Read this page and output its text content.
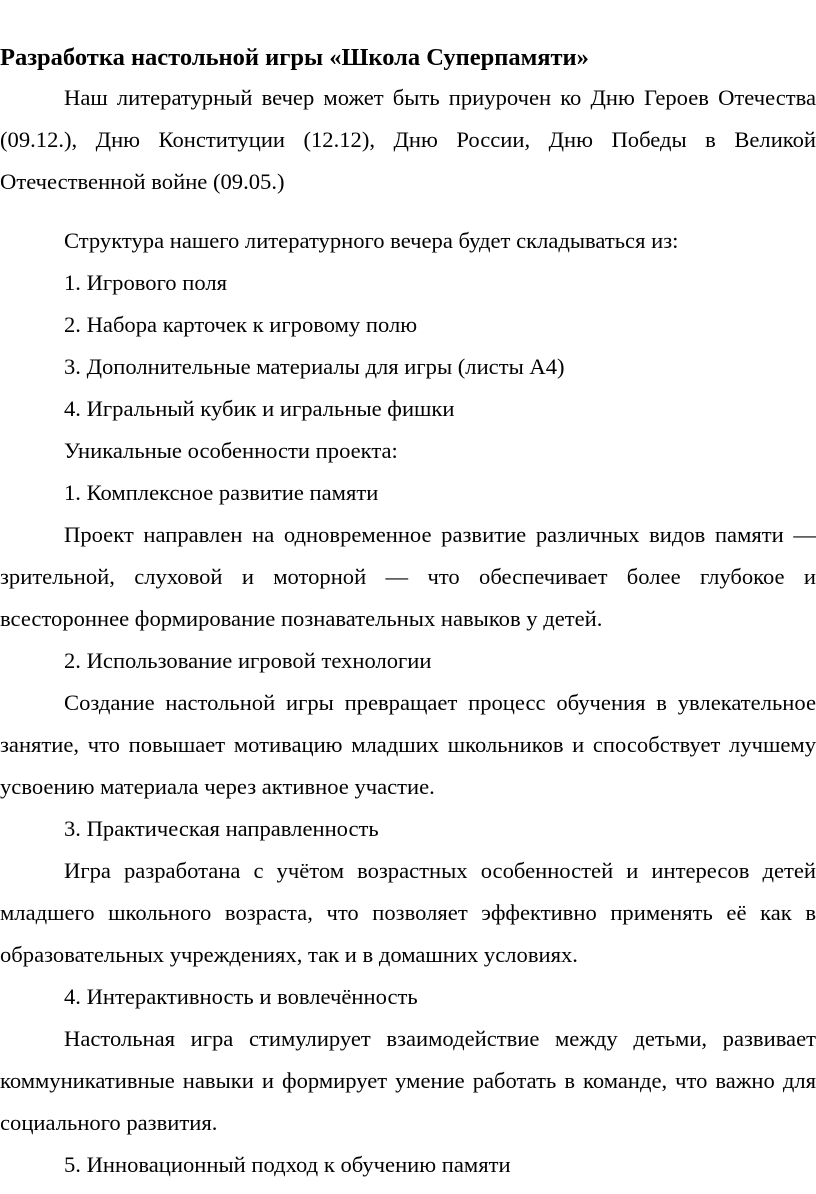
Разработка настольной игры «Школа Суперпамяти»

Наш литературный вечер может быть приурочен ко Дню Героев Отечества (09.12.), Дню Конституции (12.12), Дню России, Дню Победы в Великой Отечественной войне (09.05.)

Структура нашего литературного вечера будет складываться из:

1. Игрового поля

2. Набора карточек к игровому полю

3. Дополнительные материалы для игры (листы А4)

4. Игральный кубик и игральные фишки

Уникальные особенности проекта:

1. Комплексное развитие памяти

Проект направлен на одновременное развитие различных видов памяти — зрительной, слуховой и моторной — что обеспечивает более глубокое и всестороннее формирование познавательных навыков у детей.

2. Использование игровой технологии

Создание настольной игры превращает процесс обучения в увлекательное занятие, что повышает мотивацию младших школьников и способствует лучшему усвоению материала через активное участие.

3. Практическая направленность

Игра разработана с учётом возрастных особенностей и интересов детей младшего школьного возраста, что позволяет эффективно применять её как в образовательных учреждениях, так и в домашних условиях.

4. Интерактивность и вовлечённость

Настольная игра стимулирует взаимодействие между детьми, развивает коммуникативные навыки и формирует умение работать в команде, что важно для социального развития.

5. Инновационный подход к обучению памяти
